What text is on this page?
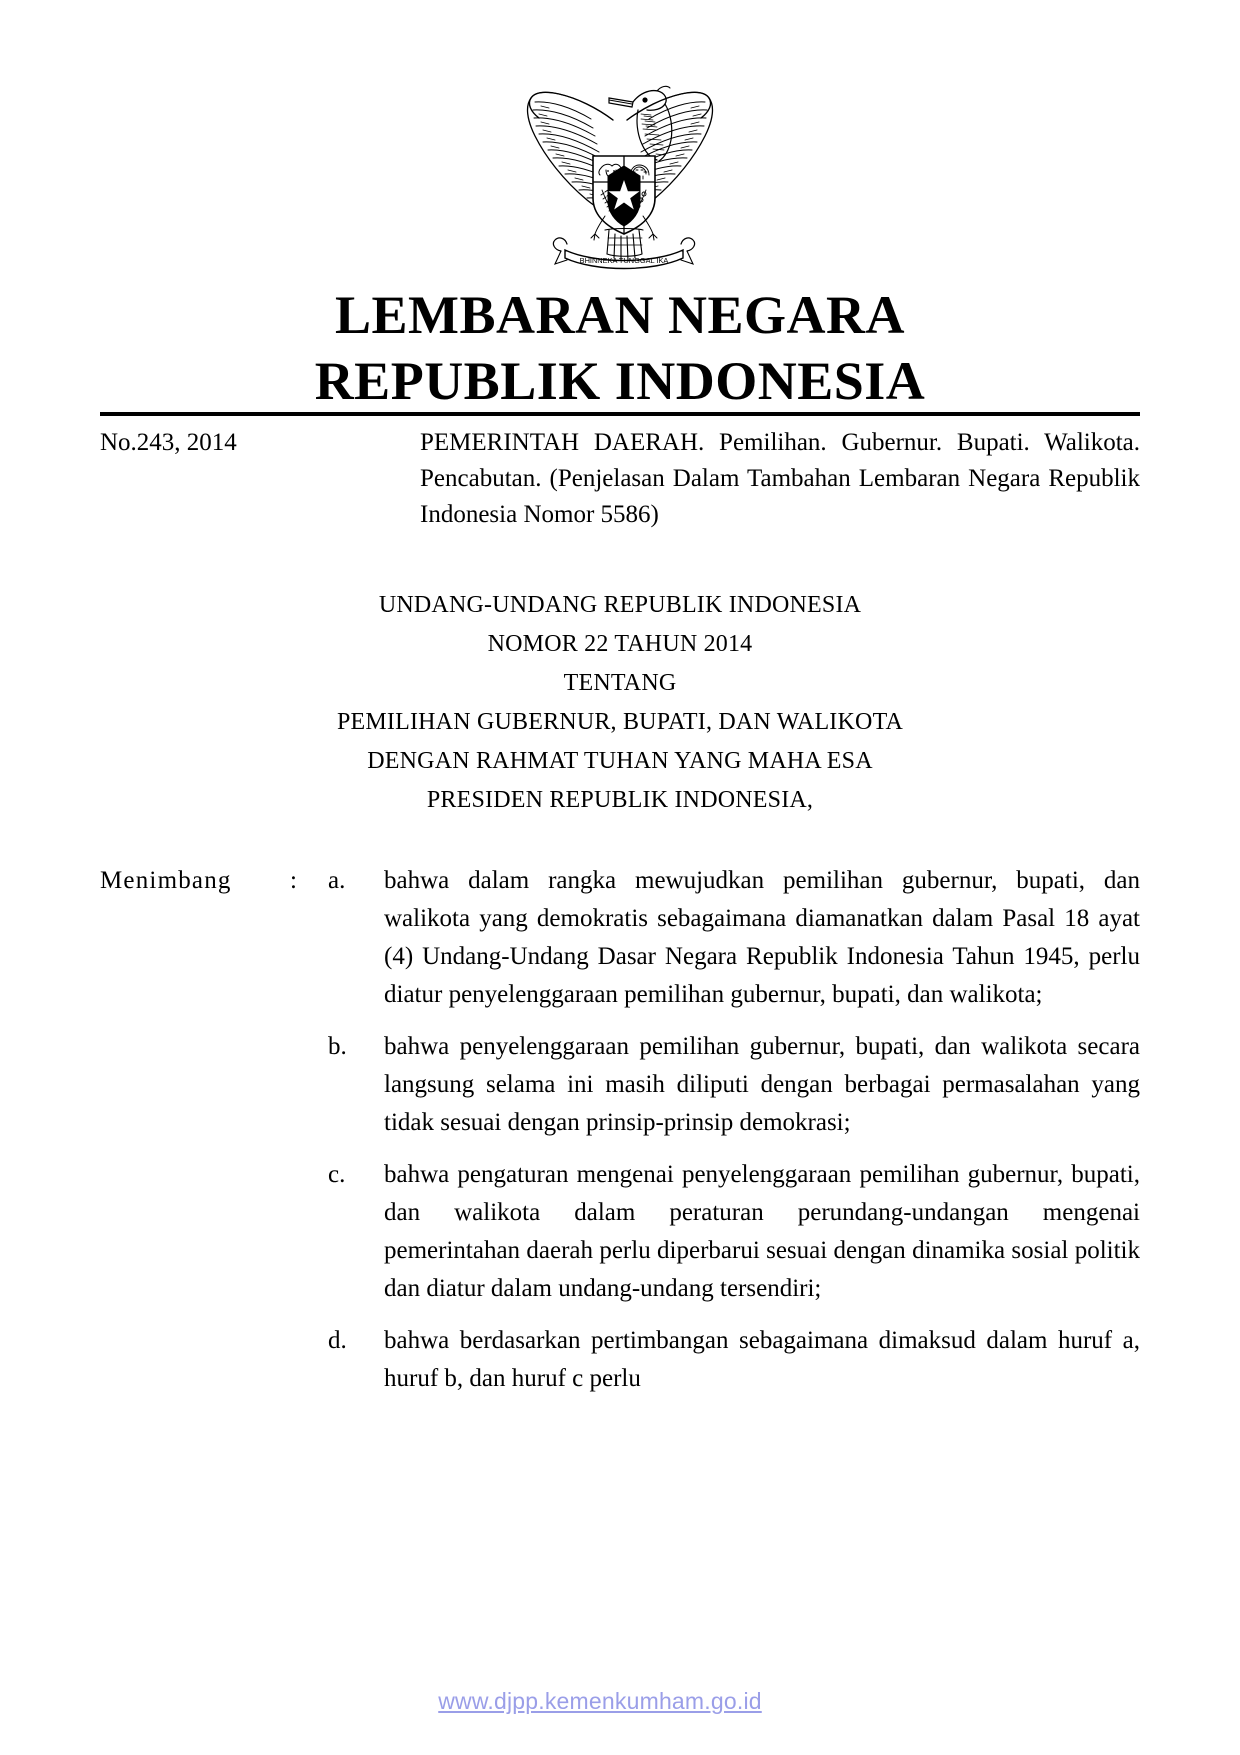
BHINNEKA TUNGGAL IKA
LEMBARAN NEGARA
REPUBLIK INDONESIA
No.243, 2014	PEMERINTAH DAERAH. Pemilihan. Gubernur. Bupati. Walikota. Pencabutan. (Penjelasan Dalam Tambahan Lembaran Negara Republik Indonesia Nomor 5586)
UNDANG-UNDANG REPUBLIK INDONESIA
NOMOR 22 TAHUN 2014
TENTANG
PEMILIHAN GUBERNUR, BUPATI, DAN WALIKOTA
DENGAN RAHMAT TUHAN YANG MAHA ESA
PRESIDEN REPUBLIK INDONESIA,
Menimbang	:	a.	bahwa dalam rangka mewujudkan pemilihan gubernur, bupati, dan walikota yang demokratis sebagaimana diamanatkan dalam Pasal 18 ayat (4) Undang-Undang Dasar Negara Republik Indonesia Tahun 1945, perlu diatur penyelenggaraan pemilihan gubernur, bupati, dan walikota;
b.	bahwa penyelenggaraan pemilihan gubernur, bupati, dan walikota secara langsung selama ini masih diliputi dengan berbagai permasalahan yang tidak sesuai dengan prinsip-prinsip demokrasi;
c.	bahwa pengaturan mengenai penyelenggaraan pemilihan gubernur, bupati, dan walikota dalam peraturan perundang-undangan mengenai pemerintahan daerah perlu diperbarui sesuai dengan dinamika sosial politik dan diatur dalam undang-undang tersendiri;
d.	bahwa berdasarkan pertimbangan sebagaimana dimaksud dalam huruf a, huruf b, dan huruf c perlu
www.djpp.kemenkumham.go.id
